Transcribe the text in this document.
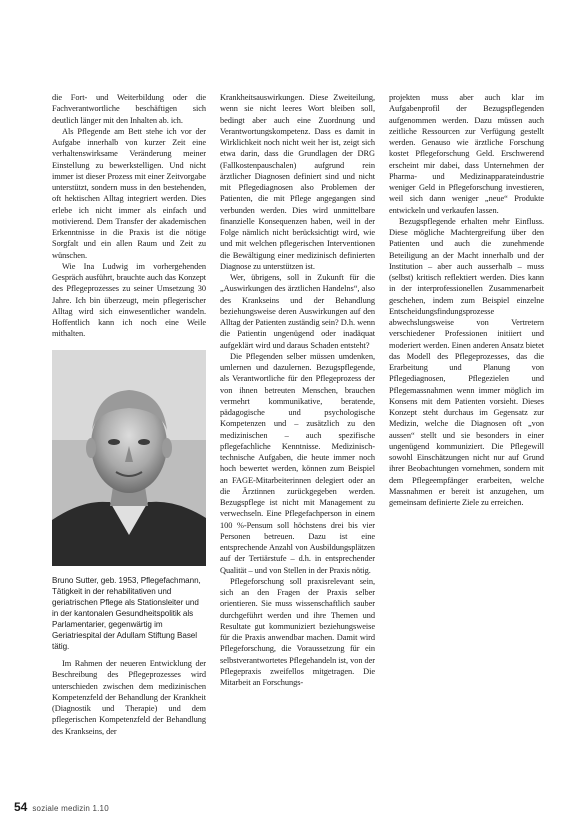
die Fort- und Weiterbildung oder die Fachverantwortliche beschäftigen sich deutlich länger mit den Inhalten ab. ich.

Als Pflegende am Bett stehe ich vor der Aufgabe innerhalb von kurzer Zeit eine verhaltenswirksame Veränderung meiner Einstellung zu bewerkstelligen. Und nicht immer ist dieser Prozess mit einer Zeitvorgabe unterstützt, sondern muss in den bestehenden, oft hektischen Alltag integriert werden. Dies erlebe ich nicht immer als einfach und motivierend. Dem Transfer der akademischen Erkenntnisse in die Praxis ist die nötige Sorgfalt und ein allen Raum und Zeit zu wünschen.

Wie Ina Ludwig im vorhergehenden Gespräch ausführt, brauchte auch das Konzept des Pflegeprozesses zu seiner Umsetzung 30 Jahre. Ich bin überzeugt, mein pflegerischer Alltag wird sich einwesentlicher wandeln. Hoffentlich kann ich noch eine Weile mithalten.

Bruno Sutter, geb. 1953, Pflegefachmann, Tätigkeit in der rehabilitativen und geriatrischen Pflege als Stationsleiter und in der kantonalen Gesundheitspolitik als Parlamentarier, gegenwärtig im Geriatriespital der Adullam Stiftung Basel tätig.

Im Rahmen der neueren Entwicklung der Beschreibung des Pflegeprozesses wird unterschieden zwischen dem medizinischen Kompetenzfeld der Behandlung der Krankheit (Diagnostik und Therapie) und dem pflegerischen Kompetenzfeld der Behandlung des Krankseins, der

Krankheitsauswirkungen. Diese Zweiteilung, wenn sie nicht leeres Wort bleiben soll, bedingt aber auch eine Zuordnung und Verantwortungskompetenz. Dass es damit in Wirklichkeit noch nicht weit her ist, zeigt sich etwa darin, dass die Grundlagen der DRG (Fallkostenpauschalen) aufgrund rein ärztlicher Diagnosen definiert sind und nicht mit Pflegediagnosen also Problemen der Patienten, die mit Pflege angegangen sind verbunden werden. Dies wird unmittelbare finanzielle Konsequenzen haben, weil in der Folge nämlich nicht berücksichtigt wird, wie und mit welchen pflegerischen Interventionen die Bewältigung einer medizinisch definierten Diagnose zu unterstützen ist.

Wer, übrigens, soll in Zukunft für die „Auswirkungen des ärztlichen Handelns“, also des Krankseins und der Behandlung beziehungsweise deren Auswirkungen auf den Alltag der Patienten zuständig sein? D.h. wenn die Patientin ungenügend oder inadäquat aufgeklärt wird und daraus Schaden entsteht?

Die Pflegenden selber müssen umdenken, umlernen und dazulernen. Bezugspflegende, als Verantwortliche für den Pflegeprozess der von ihnen betreuten Menschen, brauchen vermehrt kommunikative, beratende, pädagogische und psychologische Kompetenzen und – zusätzlich zu den medizinischen – auch spezifische pflegefachliche Kenntnisse. Medizinisch-technische Aufgaben, die heute immer noch hoch bewertet werden, können zum Beispiel an FAGE-Mitarbeiterinnen delegiert oder an die Ärztinnen zurückgegeben werden. Bezugspflege ist nicht mit Management zu verwechseln. Eine Pflegefachperson in einem 100 %-Pensum soll höchstens drei bis vier Personen betreuen. Dazu ist eine entsprechende Anzahl von Ausbildungsplätzen auf der Tertiärstufe – d.h. in entsprechender Qualität – und von Stellen in der Praxis nötig.

Pflegeforschung soll praxisrelevant sein, sich an den Fragen der Praxis selber orientieren. Sie muss wissenschaftlich sauber durchgeführt werden und ihre Themen und Resultate gut kommuniziert beziehungsweise für die Praxis anwendbar machen. Damit wird Pflegeforschung, die Voraussetzung für ein selbstverantwortetes Pflegehandeln ist, von der Pflegepraxis zweifellos mitgetragen. Die Mitarbeit an Forschungs-

projekten muss aber auch klar im Aufgabenprofil der Bezugspflegenden aufgenommen werden. Dazu müssen auch zeitliche Ressourcen zur Verfügung gestellt werden. Genauso wie ärztliche Forschung kostet Pflegeforschung Geld. Erschwerend erscheint mir dabei, dass Unternehmen der Pharma- und Medizinapparateindustrie weniger Geld in Pflegeforschung investieren, weil sich dann weniger „neue“ Produkte entwickeln und verkaufen lassen.

Bezugspflegende erhalten mehr Einfluss. Diese mögliche Machtergreifung über den Patienten und auch die zunehmende Beteiligung an der Macht innerhalb und der Institution – aber auch ausserhalb – muss (selbst) kritisch reflektiert werden. Dies kann in der interprofessionellen Zusammenarbeit geschehen, indem zum Beispiel einzelne Entscheidungsfindungsprozesse abwechslungsweise von Vertretern verschiedener Professionen initiiert und moderiert werden. Einen anderen Ansatz bietet das Modell des Pflegeprozesses, das die Erarbeitung und Planung von Pflegediagnosen, Pflegezielen und Pflegemassnahmen wenn immer möglich im Konsens mit dem Patienten vorsieht. Dieses Konzept steht durchaus im Gegensatz zur Medizin, welche die Diagnosen oft „von aussen“ stellt und sie besonders in einer ungenügend kommuniziert. Die Pflegewill sowohl Einschätzungen nicht nur auf Grund ihrer Beobachtungen vornehmen, sondern mit dem Pflegeempfänger erarbeiten, welche Massnahmen er bereit ist anzugehen, um gemeinsam definierte Ziele zu erreichen.

54 soziale medizin 1.10
